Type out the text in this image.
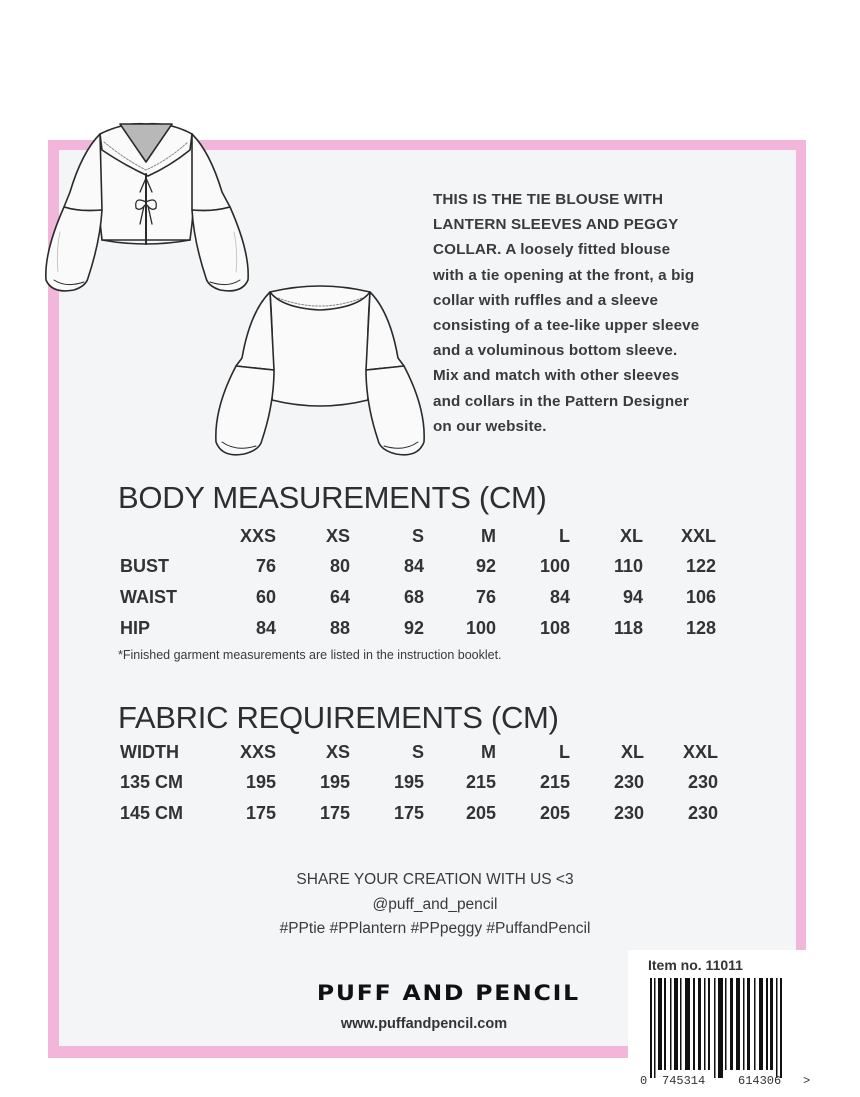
THIS IS THE TIE BLOUSE WITH
LANTERN SLEEVES AND PEGGY
COLLAR. A loosely fitted blouse
with a tie opening at the front, a big
collar with ruffles and a sleeve
consisting of a tee-like upper sleeve
and a voluminous bottom sleeve.
Mix and match with other sleeves
and collars in the Pattern Designer
on our website.
BODY MEASUREMENTS (CM)
	XXS	XS	S	M	L	XL	XXL
BUST	76	80	84	92	100	110	122
WAIST	60	64	68	76	84	94	106
HIP	84	88	92	100	108	118	128
*Finished garment measurements are listed in the instruction booklet.
FABRIC REQUIREMENTS (CM)
WIDTH	XXS	XS	S	M	L	XL	XXL
135 CM	195	195	195	215	215	230	230
145 CM	175	175	175	205	205	230	230
SHARE YOUR CREATION WITH US <3
@puff_and_pencil
#PPtie #PPlantern #PPpeggy #PuffandPencil
PUFF AND PENCIL
www.puffandpencil.com
Item no. 11011
0 745314	614306 >
